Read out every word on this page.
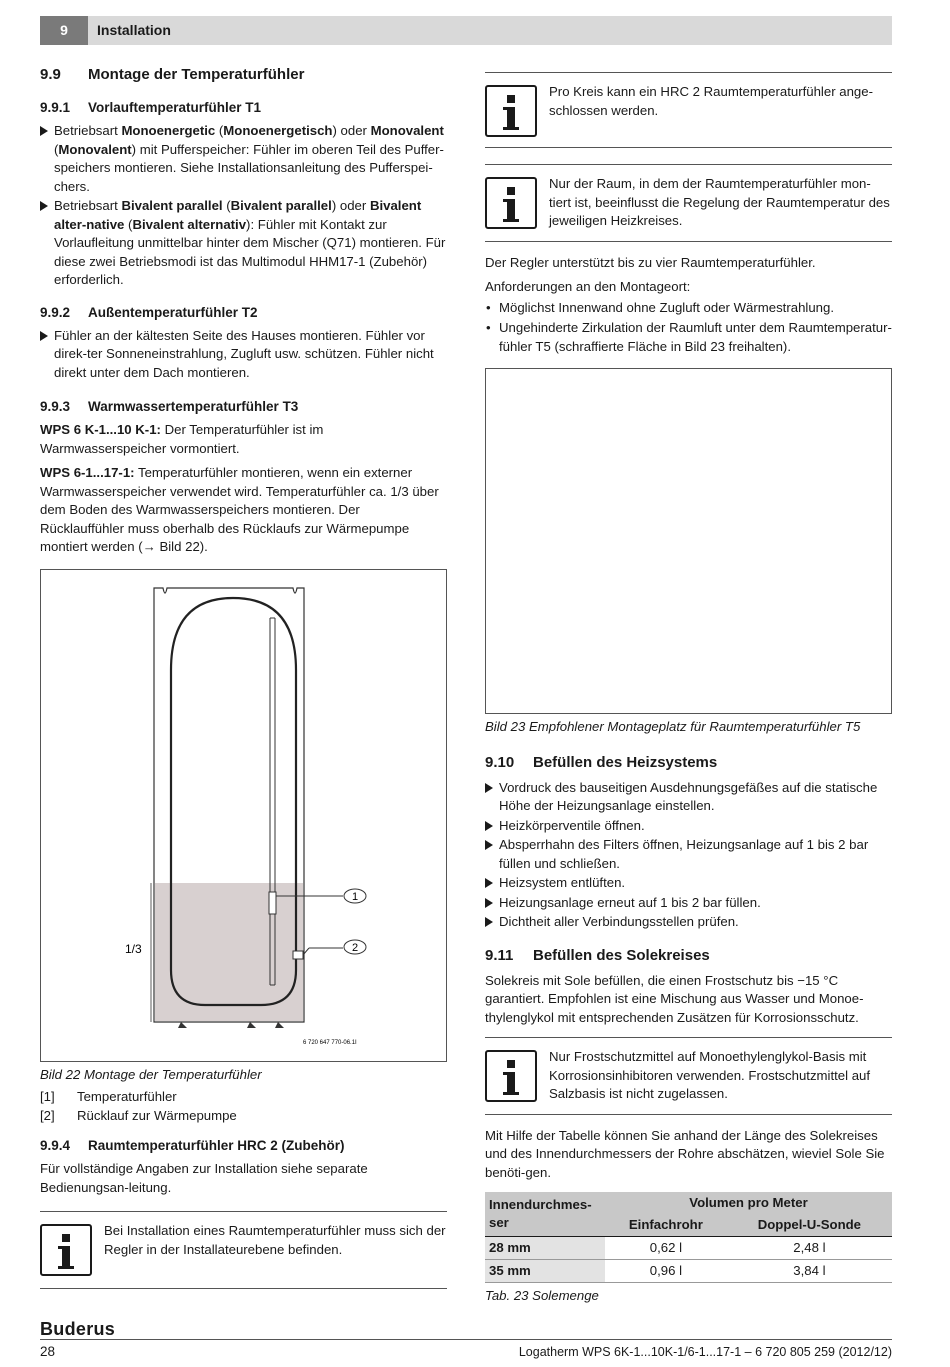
9	Installation
9.9 Montage der Temperaturfühler
9.9.1 Vorlauftemperaturfühler T1
Betriebsart Monoenergetic (Monoenergetisch) oder Monovalent (Monovalent) mit Pufferspeicher: Fühler im oberen Teil des Puffer-speichers montieren. Siehe Installationsanleitung des Pufferspei-chers.
Betriebsart Bivalent parallel (Bivalent parallel) oder Bivalent alter-native (Bivalent alternativ): Fühler mit Kontakt zur Vorlaufleitung unmittelbar hinter dem Mischer (Q71) montieren. Für diese zwei Betriebsmodi ist das Multimodul HHM17-1 (Zubehör) erforderlich.
9.9.2 Außentemperaturfühler T2
Fühler an der kältesten Seite des Hauses montieren. Fühler vor direk-ter Sonneneinstrahlung, Zugluft usw. schützen. Fühler nicht direkt unter dem Dach montieren.
9.9.3 Warmwassertemperaturfühler T3

WPS 6 K-1...10 K-1: Der Temperaturfühler ist im Warmwasserspeicher vormontiert.

WPS 6-1...17-1: Temperaturfühler montieren, wenn ein externer Warmwasserspeicher verwendet wird. Temperaturfühler ca. 1/3 über dem Boden des Warmwasserspeichers montieren. Der Rücklauffühler muss oberhalb des Rücklaufs zur Wärmepumpe montiert werden (→ Bild 22).

1
2
1/3
6 720 647 770-06.1I
Bild 22 Montage der Temperaturfühler
[1]	Temperaturfühler
[2]	Rücklauf zur Wärmepumpe
9.9.4 Raumtemperaturfühler HRC 2 (Zubehör)

Für vollständige Angaben zur Installation siehe separate Bedienungsan-leitung.

Bei Installation eines Raumtemperaturfühler muss sich der Regler in der Installateurebene befinden.
Pro Kreis kann ein HRC 2 Raumtemperaturfühler ange-schlossen werden.
Nur der Raum, in dem der Raumtemperaturfühler mon-tiert ist, beeinflusst die Regelung der Raumtemperatur des jeweiligen Heizkreises.

Der Regler unterstützt bis zu vier Raumtemperaturfühler.

Anforderungen an den Montageort:

• Möglichst Innenwand ohne Zugluft oder Wärmestrahlung.
• Ungehinderte Zirkulation der Raumluft unter dem Raumtemperatur-fühler T5 (schraffierte Fläche in Bild 23 freihalten).
Bild 23 Empfohlener Montageplatz für Raumtemperaturfühler T5
9.10 Befüllen des Heizsystems
Vordruck des bauseitigen Ausdehnungsgefäßes auf die statische Höhe der Heizungsanlage einstellen.
Heizkörperventile öffnen.
Absperrhahn des Filters öffnen, Heizungsanlage auf 1 bis 2 bar füllen und schließen.
Heizsystem entlüften.
Heizungsanlage erneut auf 1 bis 2 bar füllen.
Dichtheit aller Verbindungsstellen prüfen.
9.11 Befüllen des Solekreises

Solekreis mit Sole befüllen, die einen Frostschutz bis −15 °C garantiert. Empfohlen ist eine Mischung aus Wasser und Monoe-thylenglykol mit entsprechenden Zusätzen für Korrosionsschutz.

Nur Frostschutzmittel auf Monoethylenglykol-Basis mit Korrosionsinhibitoren verwenden. Frostschutzmittel auf Salzbasis ist nicht zugelassen.

Mit Hilfe der Tabelle können Sie anhand der Länge des Solekreises und des Innendurchmessers der Rohre abschätzen, wieviel Sole Sie benöti-gen.

Innendurchmes-ser	Volumen pro Meter	
	Einfachrohr	Doppel-U-Sonde
28 mm	0,62 l	2,48 l
35 mm	0,96 l	3,84 l
Tab. 23 Solemenge
Buderus
28	Logatherm WPS 6K-1...10K-1/6-1...17-1 – 6 720 805 259 (2012/12)
